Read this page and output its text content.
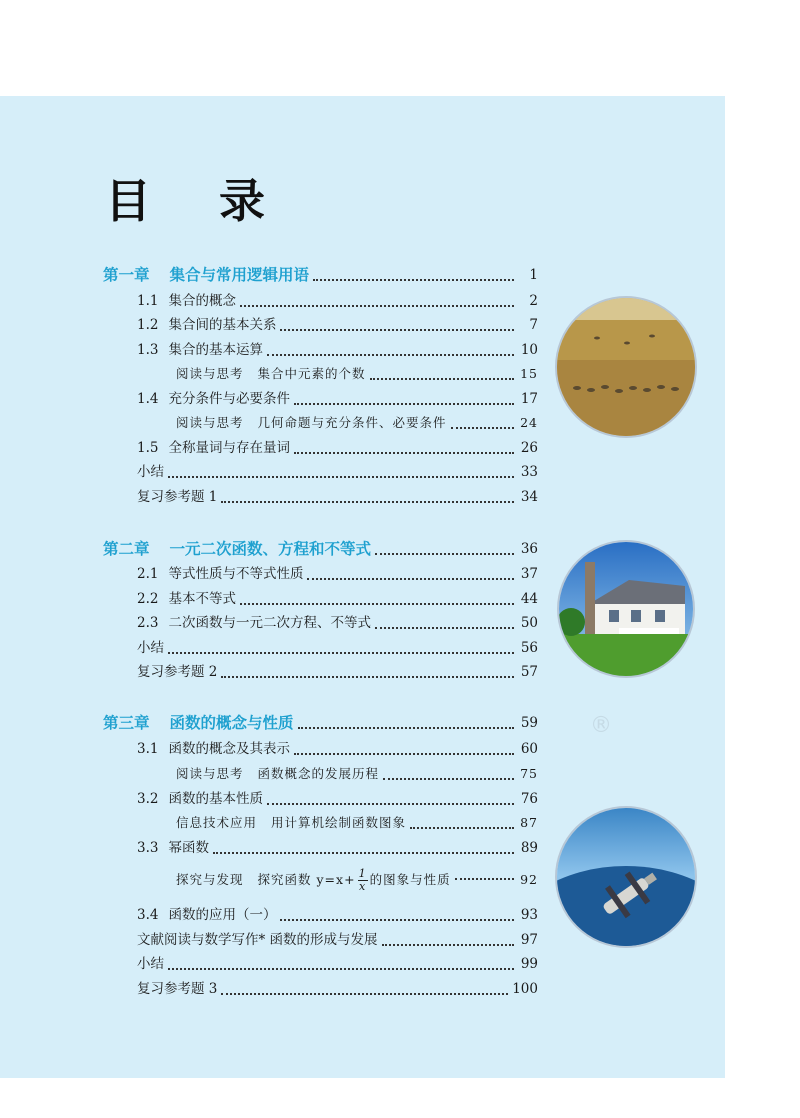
目 录
®
第一章 集合与常用逻辑用语	1
1.1 集合的概念	2
1.2 集合间的基本关系	7
1.3 集合的基本运算	10
阅读与思考 集合中元素的个数	15
1.4 充分条件与必要条件	17
阅读与思考 几何命题与充分条件、必要条件	24
1.5 全称量词与存在量词	26
小结	33
复习参考题 1	34
第二章 一元二次函数、方程和不等式	36
2.1 等式性质与不等式性质	37
2.2 基本不等式	44
2.3 二次函数与一元二次方程、不等式	50
小结	56
复习参考题 2	57
第三章 函数的概念与性质	59
3.1 函数的概念及其表示	60
阅读与思考 函数概念的发展历程	75
3.2 函数的基本性质	76
信息技术应用 用计算机绘制函数图象	87
3.3 幂函数	89
探究与发现 探究函数 $y=x+ \frac{1}{x}$ 的图象与性质	92
3.4 函数的应用（一）	93
文献阅读与数学写作* 函数的形成与发展	97
小结	99
复习参考题 3	100
